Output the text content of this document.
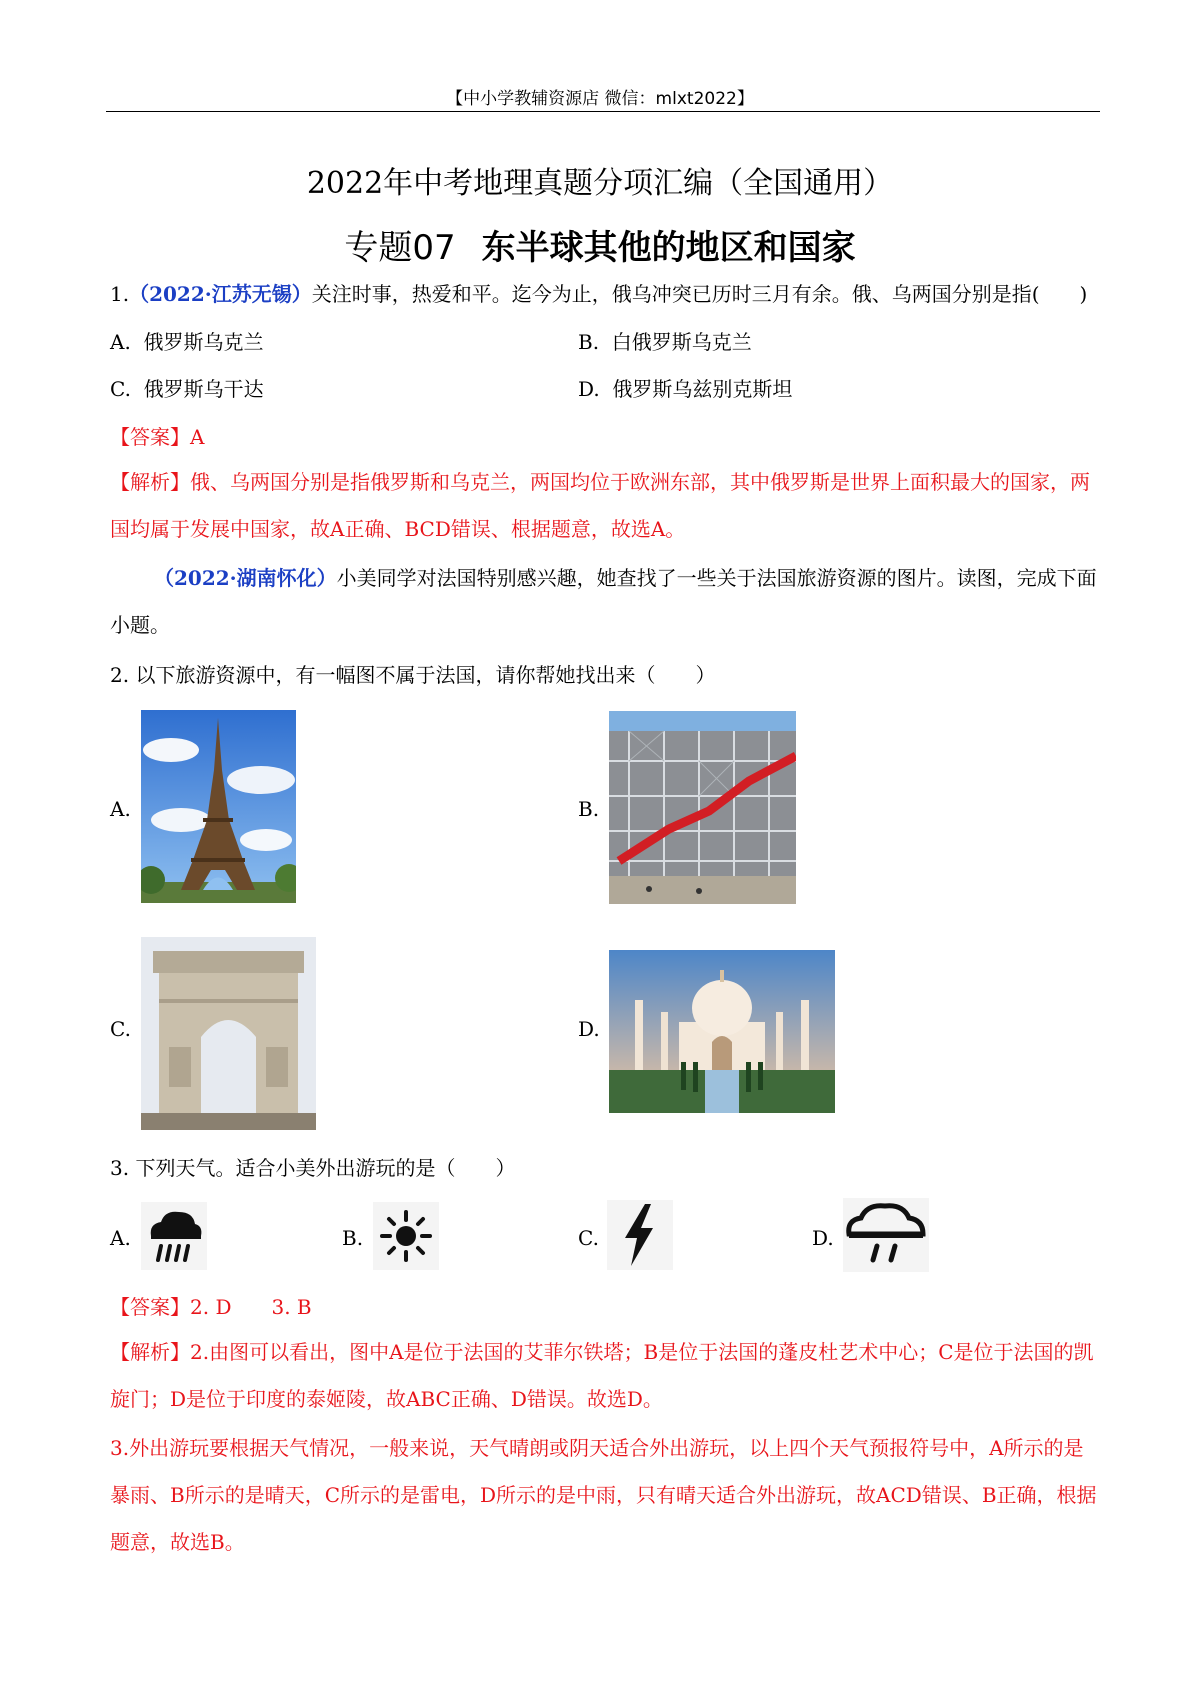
【中小学教辅资源店 微信：mlxt2022】
2022年中考地理真题分项汇编（全国通用）
专题07 东半球其他的地区和国家
1.（2022·江苏无锡）关注时事，热爱和平。迄今为止，俄乌冲突已历时三月有余。俄、乌两国分别是指(　　)
A. 俄罗斯乌克兰	B. 白俄罗斯乌克兰
C. 俄罗斯乌干达	D. 俄罗斯乌兹别克斯坦
【答案】A
【解析】俄、乌两国分别是指俄罗斯和乌克兰，两国均位于欧洲东部，其中俄罗斯是世界上面积最大的国家，两国均属于发展中国家，故A正确、BCD错误、根据题意，故选A。
（2022·湖南怀化）小美同学对法国特别感兴趣，她查找了一些关于法国旅游资源的图片。读图，完成下面小题。
2. 以下旅游资源中，有一幅图不属于法国，请你帮她找出来（　　）
A.	B.
C.	D.
3. 下列天气。适合小美外出游玩的是（　　）
A.	B.	C.	D.
【答案】2. D　　3. B
【解析】2.由图可以看出，图中A是位于法国的艾菲尔铁塔；B是位于法国的蓬皮杜艺术中心；C是位于法国的凯旋门；D是位于印度的泰姬陵，故ABC正确、D错误。故选D。
3.外出游玩要根据天气情况，一般来说，天气晴朗或阴天适合外出游玩，以上四个天气预报符号中，A所示的是暴雨、B所示的是晴天，C所示的是雷电，D所示的是中雨，只有晴天适合外出游玩，故ACD错误、B正确，根据题意，故选B。
